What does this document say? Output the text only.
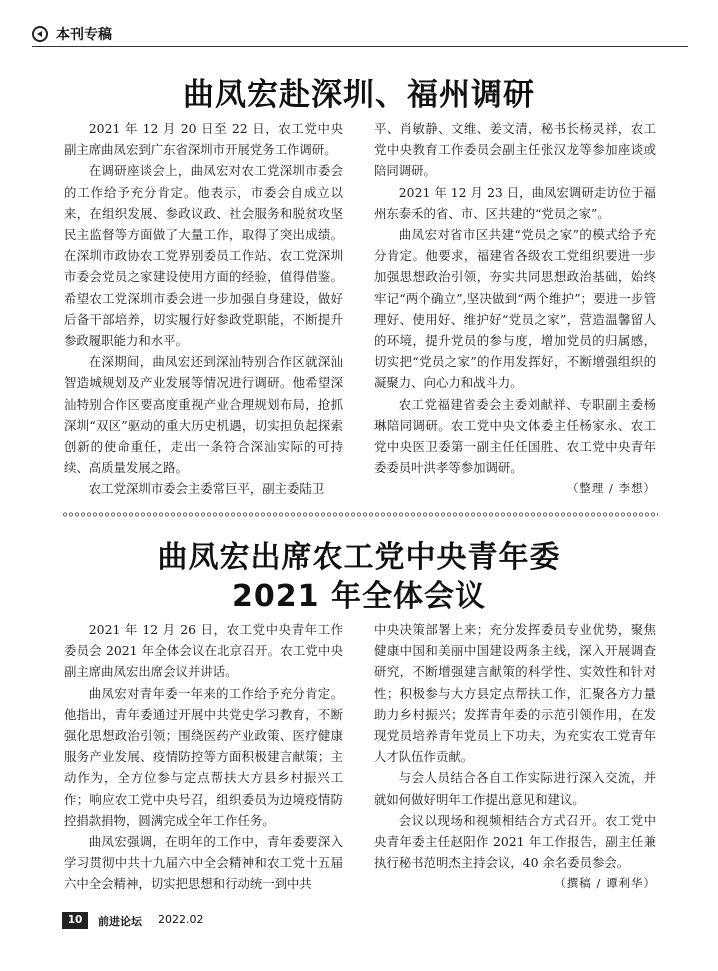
本刊专稿
曲凤宏赴深圳、福州调研

2021 年 12 月 20 日至 22 日，农工党中央副主席曲凤宏到广东省深圳市开展党务工作调研。

在调研座谈会上，曲凤宏对农工党深圳市委会的工作给予充分肯定。他表示，市委会自成立以来，在组织发展、参政议政、社会服务和脱贫攻坚民主监督等方面做了大量工作，取得了突出成绩。在深圳市政协农工党界别委员工作站、农工党深圳市委会党员之家建设使用方面的经验，值得借鉴。希望农工党深圳市委会进一步加强自身建设，做好后备干部培养，切实履行好参政党职能，不断提升参政履职能力和水平。

在深期间，曲凤宏还到深汕特别合作区就深汕智造城规划及产业发展等情况进行调研。他希望深汕特别合作区要高度重视产业合理规划布局，抢抓深圳“双区”驱动的重大历史机遇，切实担负起探索创新的使命重任，走出一条符合深汕实际的可持续、高质量发展之路。

农工党深圳市委会主委常巨平，副主委陆卫

平、肖敏静、文维、姜文清，秘书长杨灵祥，农工党中央教育工作委员会副主任张汉龙等参加座谈或陪同调研。

2021 年 12 月 23 日，曲凤宏调研走访位于福州东泰禾的省、市、区共建的“党员之家”。

曲凤宏对省市区共建“党员之家”的模式给予充分肯定。他要求，福建省各级农工党组织要进一步加强思想政治引领，夯实共同思想政治基础，始终牢记“两个确立”,坚决做到“两个维护”；要进一步管理好、使用好、维护好“党员之家”，营造温馨留人的环境，提升党员的参与度，增加党员的归属感，切实把“党员之家”的作用发挥好，不断增强组织的凝聚力、向心力和战斗力。

农工党福建省委会主委刘献祥、专职副主委杨琳陪同调研。农工党中央文体委主任杨家永、农工党中央医卫委第一副主任任国胜、农工党中央青年委委员叶洪孝等参加调研。

（整理 / 李想）

曲凤宏出席农工党中央青年委
2021 年全体会议

2021 年 12 月 26 日，农工党中央青年工作委员会 2021 年全体会议在北京召开。农工党中央副主席曲凤宏出席会议并讲话。

曲凤宏对青年委一年来的工作给予充分肯定。他指出，青年委通过开展中共党史学习教育，不断强化思想政治引领；围绕医药产业政策、医疗健康服务产业发展、疫情防控等方面积极建言献策；主动作为，全方位参与定点帮扶大方县乡村振兴工作；响应农工党中央号召，组织委员为边境疫情防控捐款捐物，圆满完成全年工作任务。

曲凤宏强调，在明年的工作中，青年委要深入学习贯彻中共十九届六中全会精神和农工党十五届六中全会精神，切实把思想和行动统一到中共

中央决策部署上来；充分发挥委员专业优势，聚焦健康中国和美丽中国建设两条主线，深入开展调查研究，不断增强建言献策的科学性、实效性和针对性；积极参与大方县定点帮扶工作，汇聚各方力量助力乡村振兴；发挥青年委的示范引领作用，在发现党员培养青年党员上下功夫，为充实农工党青年人才队伍作贡献。

与会人员结合各自工作实际进行深入交流，并就如何做好明年工作提出意见和建议。

会议以现场和视频相结合方式召开。农工党中央青年委主任赵阳作 2021 年工作报告，副主任兼执行秘书范明杰主持会议，40 余名委员参会。

（撰稿 / 谭利华）

10	前进论坛 2022.02
